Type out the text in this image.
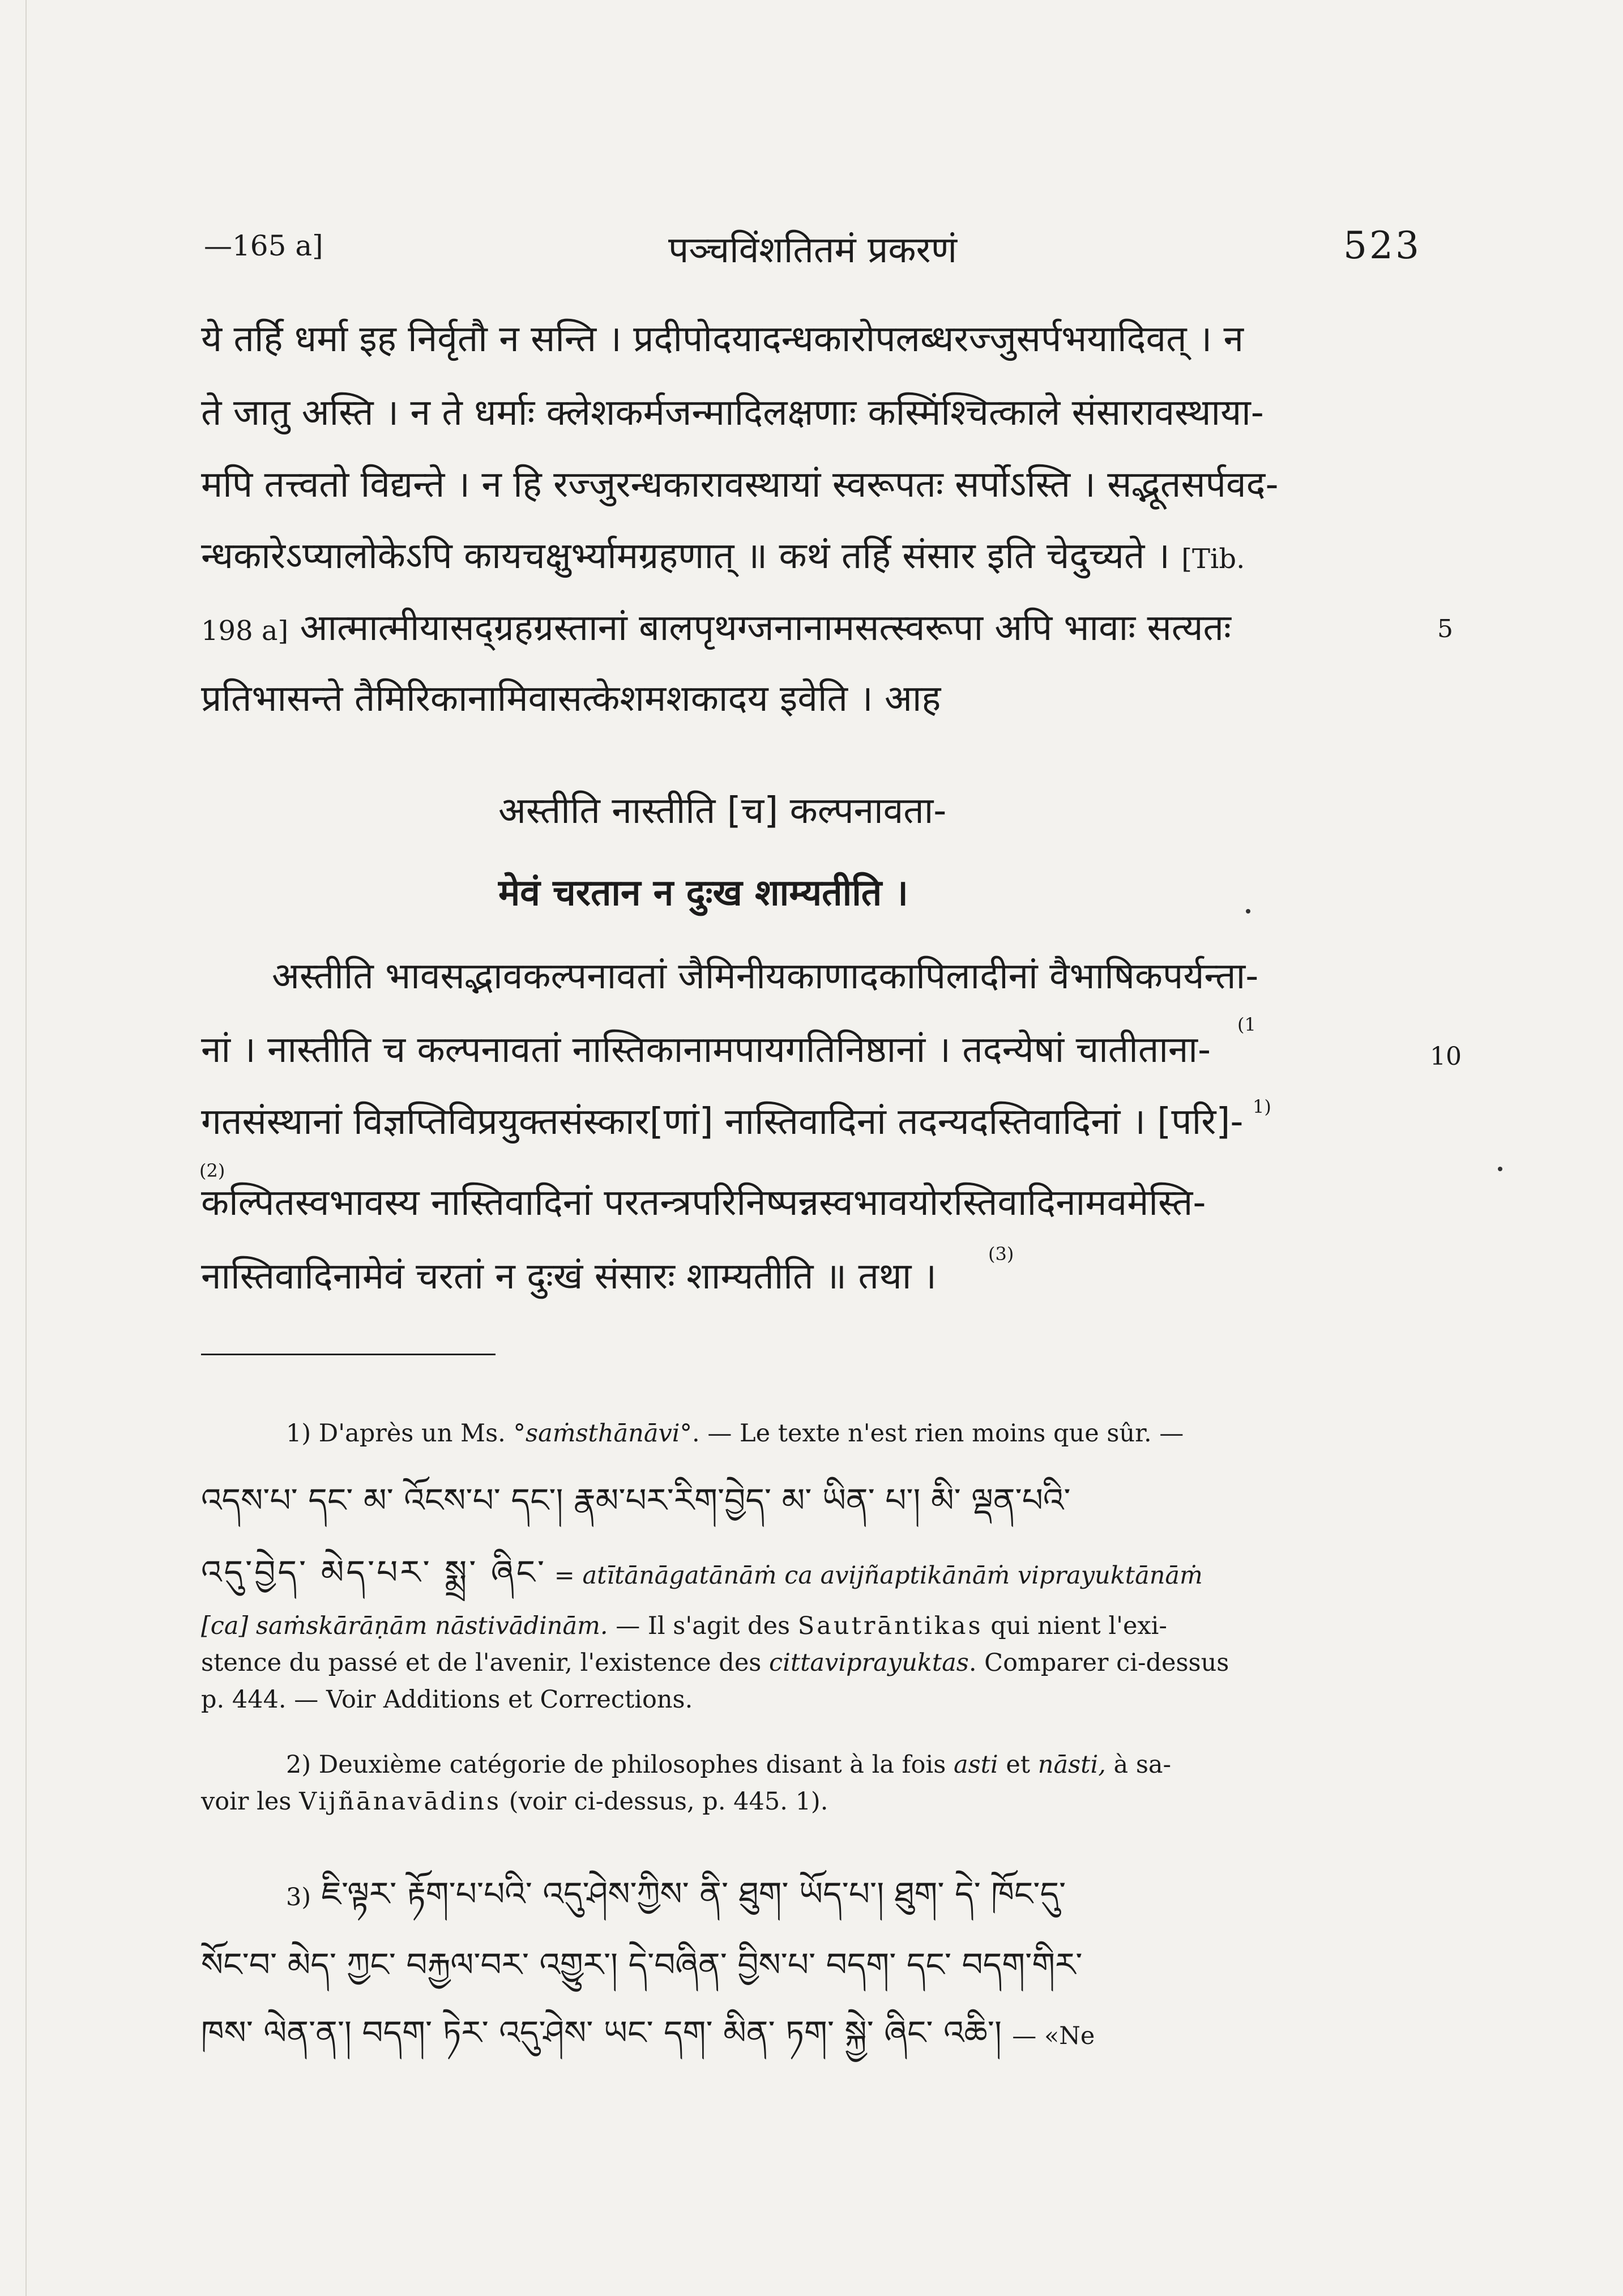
—165 a]	पञ्चविंशतितमं प्रकरणं	523
ये तर्हि धर्मा इह निर्वृतौ न सन्ति । प्रदीपोदयादन्धकारोपलब्धरज्जुसर्पभयादिवत् । न
ते जातु अस्ति । न ते धर्माः क्लेशकर्मजन्मादिलक्षणाः कस्मिंश्चित्काले संसारावस्थाया-
मपि तत्त्वतो विद्यन्ते । न हि रज्जुरन्धकारावस्थायां स्वरूपतः सर्पोऽस्ति । सद्भूतसर्पवद-
न्धकारेऽप्यालोकेऽपि कायचक्षुर्भ्यामग्रहणात् ॥ कथं तर्हि संसार इति चेदुच्यते । [Tib.
198 a] आत्मात्मीयासद्ग्रहग्रस्तानां बालपृथग्जनानामसत्स्वरूपा अपि भावाः सत्यतः	5
प्रतिभासन्ते तैमिरिकानामिवासत्केशमशकादय इवेति । आह
अस्तीति नास्तीति [च] कल्पनावता-
मेवं चरतान न दुःख शाम्यतीति ।
अस्तीति भावसद्भावकल्पनावतां जैमिनीयकाणादकापिलादीनां वैभाषिकपर्यन्ता-
(1
नां । नास्तीति च कल्पनावतां नास्तिकानामपायगतिनिष्ठानां । तदन्येषां चातीताना-	10
गतसंस्थानां विज्ञप्तिविप्रयुक्तसंस्कार[णां] नास्तिवादिनां तदन्यदस्तिवादिनां । [परि]- 1)
(2)
कल्पितस्वभावस्य नास्तिवादिनां परतन्त्रपरिनिष्पन्नस्वभावयोरस्तिवादिनामवमेस्ति-
(3)
नास्तिवादिनामेवं चरतां न दुःखं संसारः शाम्यतीति ॥ तथा ।
1) D'après un Ms. °saṁsthānāvi°. — Le texte n'est rien moins que sûr. —
འདས་པ་ དང་ མ་ འོངས་པ་ དང་། རྣམ་པར་རིག་བྱེད་ མ་ ཡིན་ པ་། མི་ ལྡན་པའི་
འདུ་བྱེད་ མེད་པར་ སྨྲ་ ཞིང་ = atītānāgatānāṁ ca avijñaptikānāṁ viprayuktānāṁ
[ca] saṁskārāṇām nāstivādinām. — Il s'agit des Sautrāntikas qui nient l'exi-
stence du passé et de l'avenir, l'existence des cittaviprayuktas. Comparer ci-dessus
p. 444. — Voir Additions et Corrections.
2) Deuxième catégorie de philosophes disant à la fois asti et nāsti, à sa-
voir les Vijñānavādins (voir ci-dessus, p. 445. 1).
3) ཇི་ལྟར་ རྟོག་པ་པའི་ འདུ་ཤེས་ཀྱིས་ ནི་ ཐུག་ ཡོད་པ་། ཐུག་ དེ་ ཁོང་དུ་
སོང་བ་ མེད་ ཀྱང་ བརྐྱལ་བར་ འགྱུར་། དེ་བཞིན་ བྱིས་པ་ བདག་ དང་ བདག་གིར་
ཁས་ ལེན་ན་། བདག་ ཏེར་ འདུ་ཤེས་ ཡང་ དག་ མིན་ ཏག་ སྐྱེ་ ཞིང་ འཆི་། — «Ne
